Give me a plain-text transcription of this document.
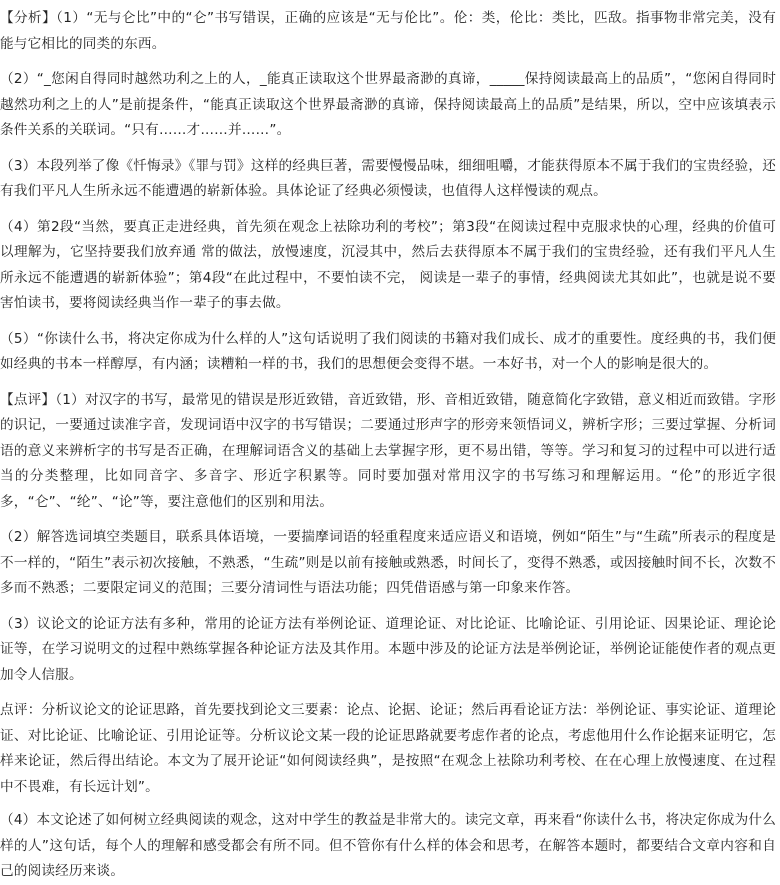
【分析】（1）“无与仑比”中的“仑”书写错误，正确的应该是“无与伦比”。伦：类，伦比：类比，匹敌。指事物非常完美，没有能与它相比的同类的东西。

（2）“_您闲自得同时越然功利之上的人，_能真正读取这个世界最斋渺的真谛，_____保持阅读最高上的品质”，“您闲自得同时越然功利之上的人”是前提条件，“能真正读取这个世界最斋渺的真谛，保持阅读最高上的品质”是结果，所以，空中应该填表示条件关系的关联词。“只有……才……并……”。

（3）本段列举了像《忏悔录》《罪与罚》这样的经典巨著，需要慢慢品味，细细咀嚼，才能获得原本不属于我们的宝贵经验，还有我们平凡人生所永远不能遭遇的崭新体验。具体论证了经典必须慢读，也值得人这样慢读的观点。

（4）第2段“当然，要真正走进经典，首先须在观念上祛除功利的考校”；第3段“在阅读过程中克服求快的心理，经典的价值可以理解为，它坚持要我们放弃通 常的做法，放慢速度，沉浸其中，然后去获得原本不属于我们的宝贵经验，还有我们平凡人生所永远不能遭遇的崭新体验”；第4段“在此过程中，不要怕读不完， 阅读是一辈子的事情，经典阅读尤其如此”，也就是说不要害怕读书，要将阅读经典当作一辈子的事去做。

（5）“你读什么书，将决定你成为什么样的人”这句话说明了我们阅读的书籍对我们成长、成才的重要性。度经典的书，我们便如经典的书本一样醇厚，有内涵；读糟粕一样的书，我们的思想便会变得不堪。一本好书，对一个人的影响是很大的。

【点评】（1）对汉字的书写，最常见的错误是形近致错，音近致错，形、音相近致错，随意简化字致错，意义相近而致错。字形的识记，一要通过读准字音，发现词语中汉字的书写错误；二要通过形声字的形旁来领悟词义，辨析字形；三要过掌握、分析词语的意义来辨析字的书写是否正确，在理解词语含义的基础上去掌握字形，更不易出错，等等。学习和复习的过程中可以进行适当的分类整理，比如同音字、多音字、形近字积累等。同时要加强对常用汉字的书写练习和理解运用。“伦”的形近字很多，“仑”、“纶”、“论”等，要注意他们的区别和用法。

（2）解答选词填空类题目，联系具体语境，一要揣摩词语的轻重程度来适应语义和语境，例如“陌生”与“生疏”所表示的程度是不一样的，“陌生”表示初次接触，不熟悉，“生疏”则是以前有接触或熟悉，时间长了，变得不熟悉，或因接触时间不长，次数不多而不熟悉；二要限定词义的范围；三要分清词性与语法功能；四凭借语感与第一印象来作答。

（3）议论文的论证方法有多种，常用的论证方法有举例论证、道理论证、对比论证、比喻论证、引用论证、因果论证、理论论证等，在学习说明文的过程中熟练掌握各种论证方法及其作用。本题中涉及的论证方法是举例论证，举例论证能使作者的观点更加令人信服。

点评：分析议论文的论证思路，首先要找到论文三要素：论点、论据、论证；然后再看论证方法：举例论证、事实论证、道理论证、对比论证、比喻论证、引用论证等。分析议论文某一段的论证思路就要考虑作者的论点，考虑他用什么作论据来证明它，怎样来论证，然后得出结论。本文为了展开论证“如何阅读经典”，是按照“在观念上祛除功利考校、在在心理上放慢速度、在过程中不畏难，有长远计划”。

（4）本文论述了如何树立经典阅读的观念，这对中学生的教益是非常大的。读完文章，再来看“你读什么书，将决定你成为什么样的人”这句话，每个人的理解和感受都会有所不同。但不管你有什么样的体会和思考，在解答本题时，都要结合文章内容和自己的阅读经历来谈。
